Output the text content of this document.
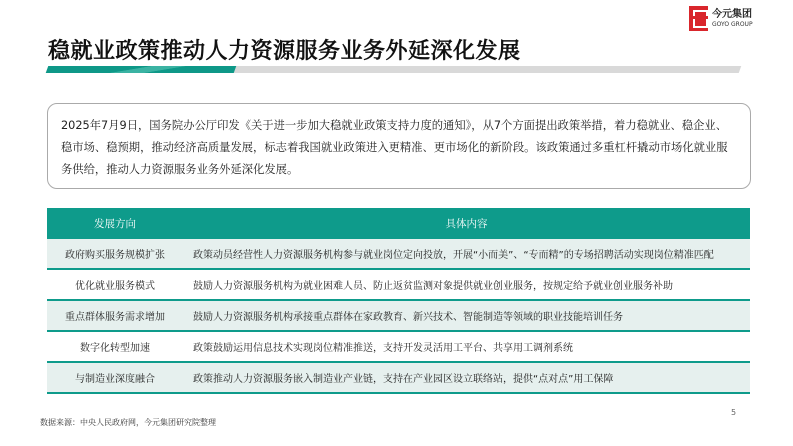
今元集团
GOYO GROUP
稳就业政策推动人力资源服务业务外延深化发展
2025年7月9日，国务院办公厅印发《关于进一步加大稳就业政策支持力度的通知》，从7个方面提出政策举措，着力稳就业、稳企业、稳市场、稳预期，推动经济高质量发展，标志着我国就业政策进入更精准、更市场化的新阶段。该政策通过多重杠杆撬动市场化就业服务供给，推动人力资源服务业务外延深化发展。
发展方向	具体内容
政府购买服务规模扩张	政策动员经营性人力资源服务机构参与就业岗位定向投放，开展“小而美”、“专而精”的专场招聘活动实现岗位精准匹配
优化就业服务模式	鼓励人力资源服务机构为就业困难人员、防止返贫监测对象提供就业创业服务，按规定给予就业创业服务补助
重点群体服务需求增加	鼓励人力资源服务机构承接重点群体在家政教育、新兴技术、智能制造等领域的职业技能培训任务
数字化转型加速	政策鼓励运用信息技术实现岗位精准推送，支持开发灵活用工平台、共享用工调剂系统
与制造业深度融合	政策推动人力资源服务嵌入制造业产业链，支持在产业园区设立联络站，提供“点对点”用工保障
数据来源：中央人民政府网，今元集团研究院整理
5
